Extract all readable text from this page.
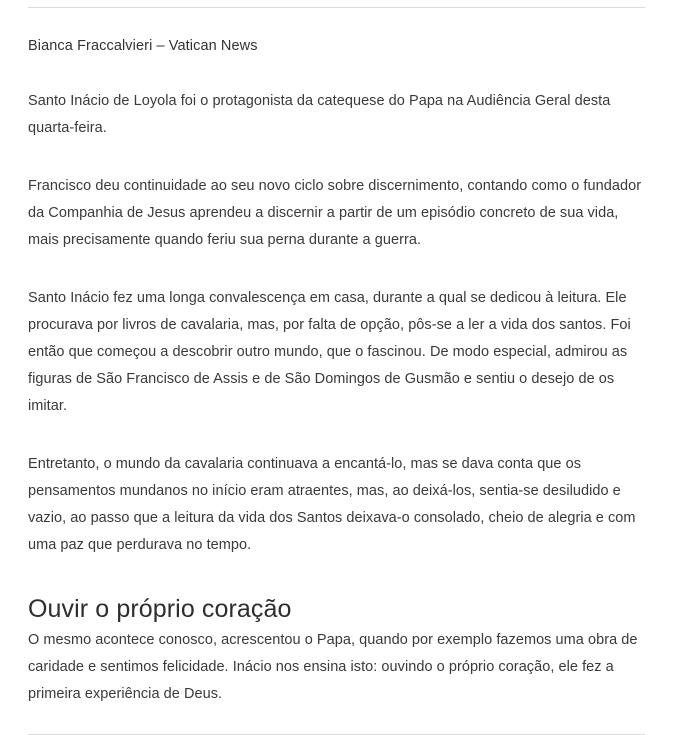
Bianca Fraccalvieri – Vatican News

Santo Inácio de Loyola foi o protagonista da catequese do Papa na Audiência Geral desta quarta-feira.

Francisco deu continuidade ao seu novo ciclo sobre discernimento, contando como o fundador da Companhia de Jesus aprendeu a discernir a partir de um episódio concreto de sua vida, mais precisamente quando feriu sua perna durante a guerra.

Santo Inácio fez uma longa convalescença em casa, durante a qual se dedicou à leitura. Ele procurava por livros de cavalaria, mas, por falta de opção, pôs-se a ler a vida dos santos. Foi então que começou a descobrir outro mundo, que o fascinou. De modo especial, admirou as figuras de São Francisco de Assis e de São Domingos de Gusmão e sentiu o desejo de os imitar.

Entretanto, o mundo da cavalaria continuava a encantá-lo, mas se dava conta que os pensamentos mundanos no início eram atraentes, mas, ao deixá-los, sentia-se desiludido e vazio, ao passo que a leitura da vida dos Santos deixava-o consolado, cheio de alegria e com uma paz que perdurava no tempo.

Ouvir o próprio coração

O mesmo acontece conosco, acrescentou o Papa, quando por exemplo fazemos uma obra de caridade e sentimos felicidade. Inácio nos ensina isto: ouvindo o próprio coração, ele fez a primeira experiência de Deus.
